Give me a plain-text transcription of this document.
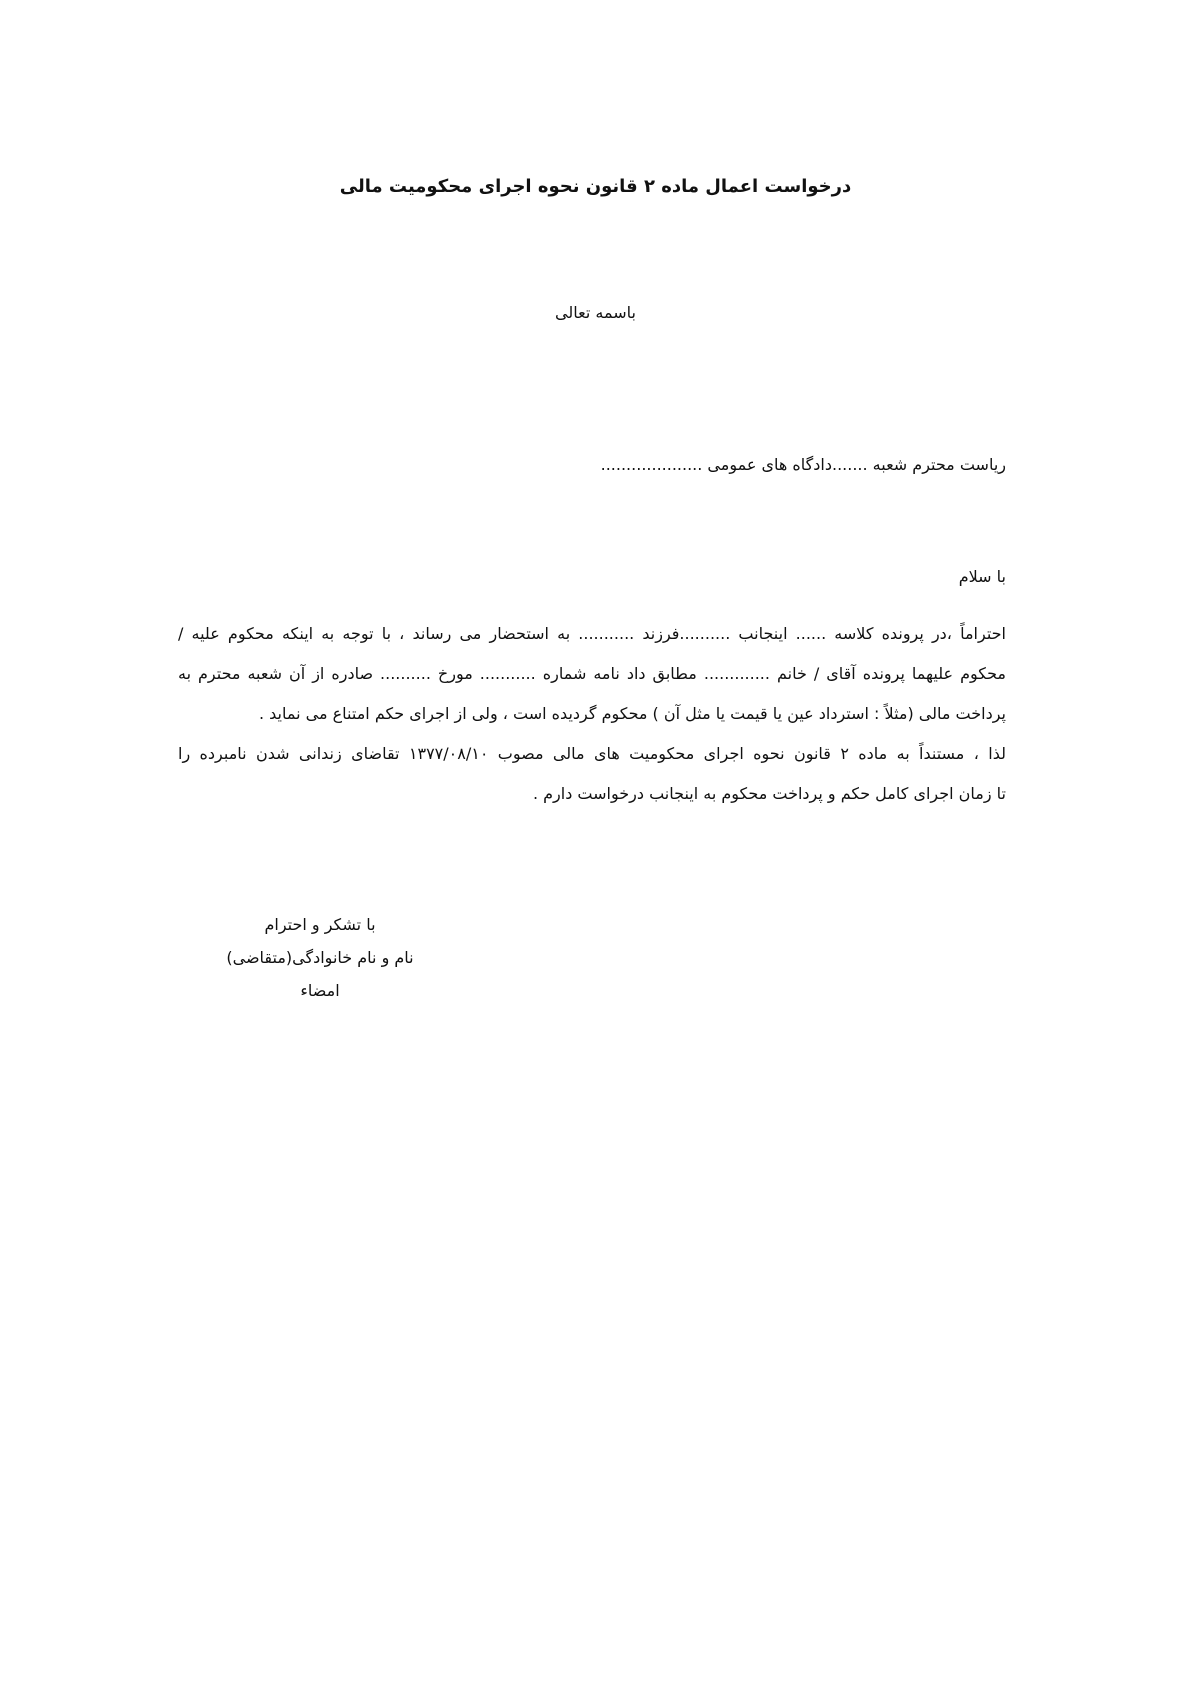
درخواست اعمال ماده ۲ قانون نحوه اجرای محکومیت مالی
باسمه تعالی
ریاست محترم شعبه .......دادگاه های عمومی ....................
با سلام
احتراماً ،در پرونده کلاسه ...... اینجانب ..........فرزند ........... به استحضار می رساند ، با توجه به اینکه محکوم علیه /
محکوم علیهما پرونده آقای / خانم ............. مطابق داد نامه شماره ........... مورخ .......... صادره از آن شعبه محترم به
پرداخت مالی (مثلاً : استرداد عین یا قیمت یا مثل آن ) محکوم گردیده است ، ولی از اجرای حکم امتناع می نماید .
لذا ، مستنداً به ماده ۲ قانون نحوه اجرای محکومیت های مالی مصوب ۱۳۷۷/۰۸/۱۰ تقاضای زندانی شدن نامبرده را
تا زمان اجرای کامل حکم و پرداخت محکوم به اینجانب درخواست دارم .
با تشکر و احترام
نام و نام خانوادگی(متقاضی)
امضاء
